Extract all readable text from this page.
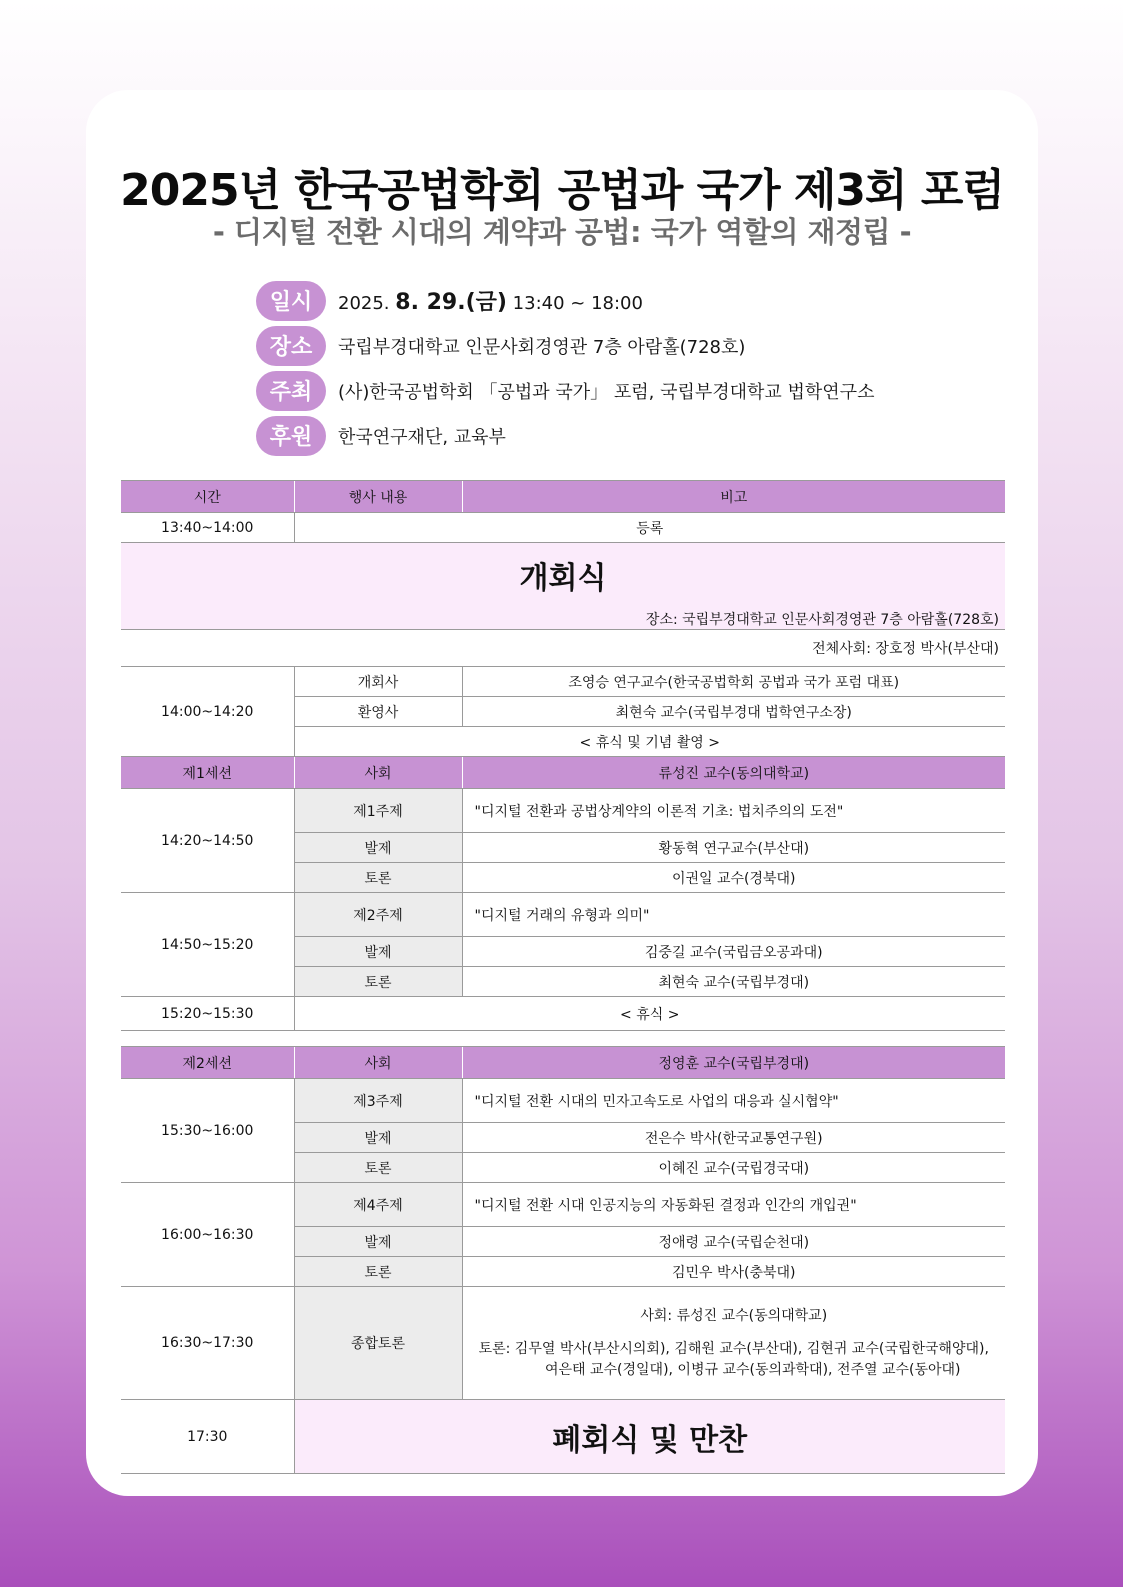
2025년 한국공법학회 공법과 국가 제3회 포럼
- 디지털 전환 시대의 계약과 공법: 국가 역할의 재정립 -
일시	2025. 8. 29.(금) 13:40 ~ 18:00
장소	국립부경대학교 인문사회경영관 7층 아람홀(728호)
주최	(사)한국공법학회 「공법과 국가」 포럼, 국립부경대학교 법학연구소
후원	한국연구재단, 교육부
시간	행사 내용	비고
13:40~14:00	등록	

개회식
장소: 국립부경대학교 인문사회경영관 7층 아람홀(728호)		

전체사회: 장호정 박사(부산대)		
14:00~14:20	개회사	조영승 연구교수(한국공법학회 공법과 국가 포럼 대표)
	환영사	최현숙 교수(국립부경대 법학연구소장)
	< 휴식 및 기념 촬영 >	
제1세션	사회	류성진 교수(동의대학교)
14:20~14:50	제1주제	"디지털 전환과 공법상계약의 이론적 기초: 법치주의의 도전"
	발제	황동혁 연구교수(부산대)
	토론	이권일 교수(경북대)
14:50~15:20	제2주제	"디지털 거래의 유형과 의미"
	발제	김중길 교수(국립금오공과대)
	토론	최현숙 교수(국립부경대)
15:20~15:30	< 휴식 >	

제2세션	사회	정영훈 교수(국립부경대)
15:30~16:00	제3주제	"디지털 전환 시대의 민자고속도로 사업의 대응과 실시협약"
	발제	전은수 박사(한국교통연구원)
	토론	이혜진 교수(국립경국대)
16:00~16:30	제4주제	"디지털 전환 시대 인공지능의 자동화된 결정과 인간의 개입권"
	발제	정애령 교수(국립순천대)
	토론	김민우 박사(충북대)
16:30~17:30	종합토론	사회: 류성진 교수(동의대학교)

토론: 김무열 박사(부산시의회), 김해원 교수(부산대), 김현귀 교수(국립한국해양대),

여은태 교수(경일대), 이병규 교수(동의과학대), 전주열 교수(동아대)

17:30	폐회식 및 만찬	
